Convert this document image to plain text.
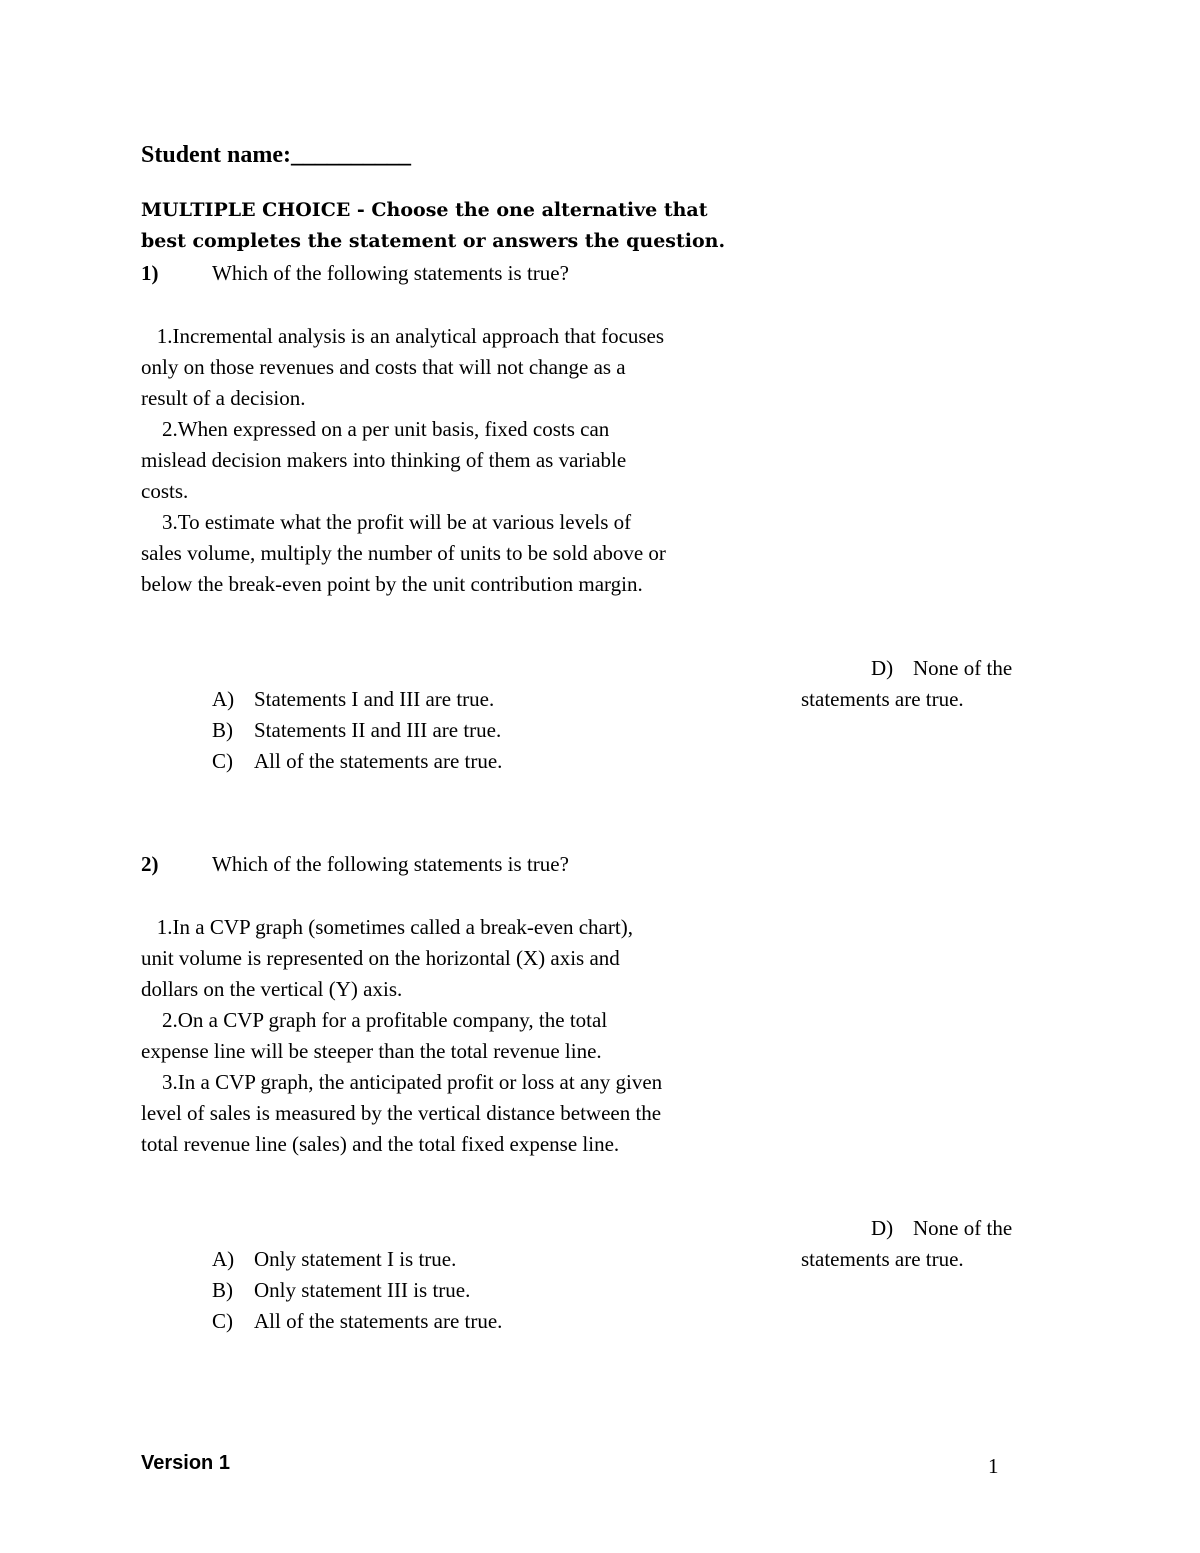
Student name:__________
MULTIPLE CHOICE - Choose the one alternative that
best completes the statement or answers the question.
1)	Which of the following statements is true?
1.Incremental analysis is an analytical approach that focuses
only on those revenues and costs that will not change as a
result of a decision.
2.When expressed on a per unit basis, fixed costs can
mislead decision makers into thinking of them as variable
costs.
3.To estimate what the profit will be at various levels of
sales volume, multiply the number of units to be sold above or
below the break-even point by the unit contribution margin.
D) None of the
statements are true.
A) Statements I and III are true.
B) Statements II and III are true.
C) All of the statements are true.
2)	Which of the following statements is true?
1.In a CVP graph (sometimes called a break-even chart),
unit volume is represented on the horizontal (X) axis and
dollars on the vertical (Y) axis.
2.On a CVP graph for a profitable company, the total
expense line will be steeper than the total revenue line.
3.In a CVP graph, the anticipated profit or loss at any given
level of sales is measured by the vertical distance between the
total revenue line (sales) and the total fixed expense line.
D) None of the
statements are true.
A) Only statement I is true.
B) Only statement III is true.
C) All of the statements are true.
Version 1	1
